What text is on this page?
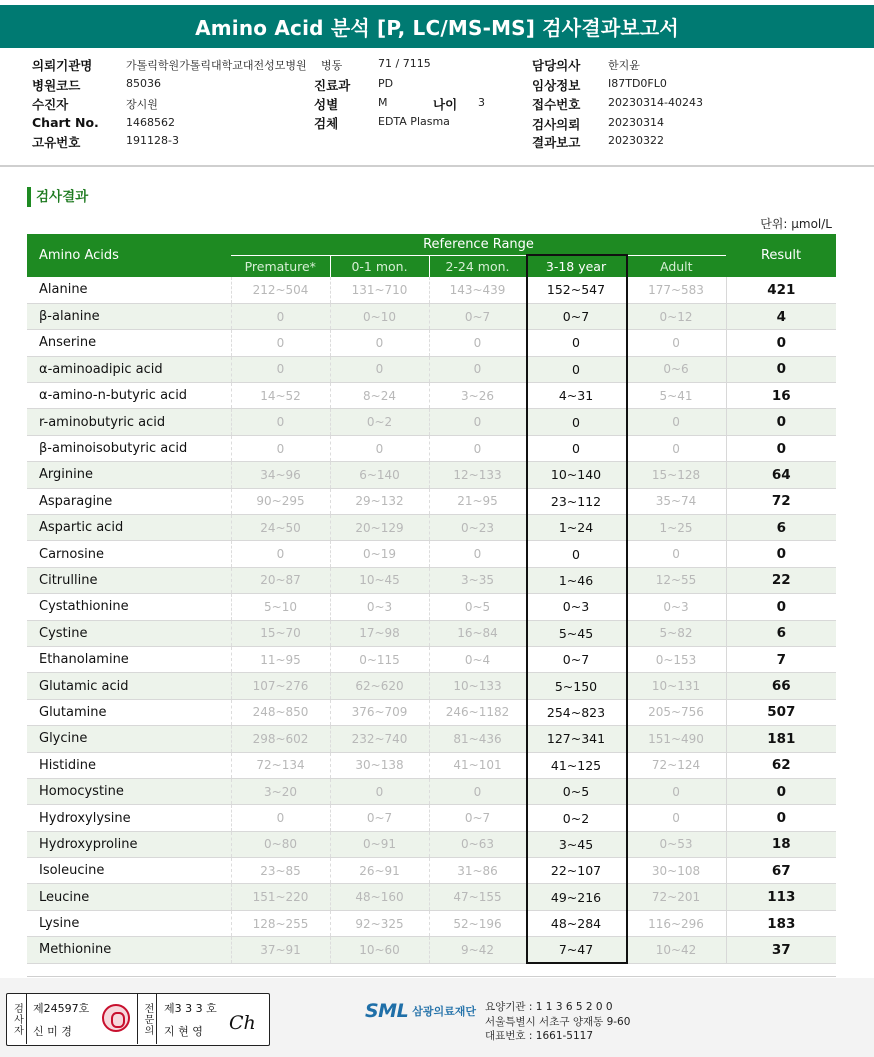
Amino Acid 분석 [P, LC/MS-MS] 검사결과보고서
의뢰기관명	가톨릭학원가톨릭대학교대전성모병원 병동	71 / 7115	담당의사	한지윤
병원코드	85036	진료과	PD	임상정보	I87TD0FL0
수진자	장시원	성별	M	나이 3	접수번호	20230314-40243
Chart No. 1468562	검체	EDTA Plasma	검사의뢰	20230314
고유번호	191128-3	결과보고	20230322
검사결과
단위: μmol/L
Amino Acids	Reference Range					Result
	Premature*	0-1 mon.	2-24 mon.	3-18 year	Adult	
Alanine	212~504	131~710	143~439	152~547	177~583	421
β-alanine	0	0~10	0~7	0~7	0~12	4
Anserine	0	0	0	0	0	0
α-aminoadipic acid	0	0	0	0	0~6	0
α-amino-n-butyric acid	14~52	8~24	3~26	4~31	5~41	16
r-aminobutyric acid	0	0~2	0	0	0	0
β-aminoisobutyric acid	0	0	0	0	0	0
Arginine	34~96	6~140	12~133	10~140	15~128	64
Asparagine	90~295	29~132	21~95	23~112	35~74	72
Aspartic acid	24~50	20~129	0~23	1~24	1~25	6
Carnosine	0	0~19	0	0	0	0
Citrulline	20~87	10~45	3~35	1~46	12~55	22
Cystathionine	5~10	0~3	0~5	0~3	0~3	0
Cystine	15~70	17~98	16~84	5~45	5~82	6
Ethanolamine	11~95	0~115	0~4	0~7	0~153	7
Glutamic acid	107~276	62~620	10~133	5~150	10~131	66
Glutamine	248~850	376~709	246~1182	254~823	205~756	507
Glycine	298~602	232~740	81~436	127~341	151~490	181
Histidine	72~134	30~138	41~101	41~125	72~124	62
Homocystine	3~20	0	0	0~5	0	0
Hydroxylysine	0	0~7	0~7	0~2	0	0
Hydroxyproline	0~80	0~91	0~63	3~45	0~53	18
Isoleucine	23~85	26~91	31~86	22~107	30~108	67
Leucine	151~220	48~160	47~155	49~216	72~201	113
Lysine	128~255	92~325	52~196	48~284	116~296	183
Methionine	37~91	10~60	9~42	7~47	10~42	37
검사자 제24597호
신 미 경	전문의	제3 3 3 호
지 현 영 Ch
SML 삼광의료재단 요양기관 : 1 1 3 6 5 2 0 0
서울특별시 서초구 양재동 9-60
대표번호 : 1661-5117
